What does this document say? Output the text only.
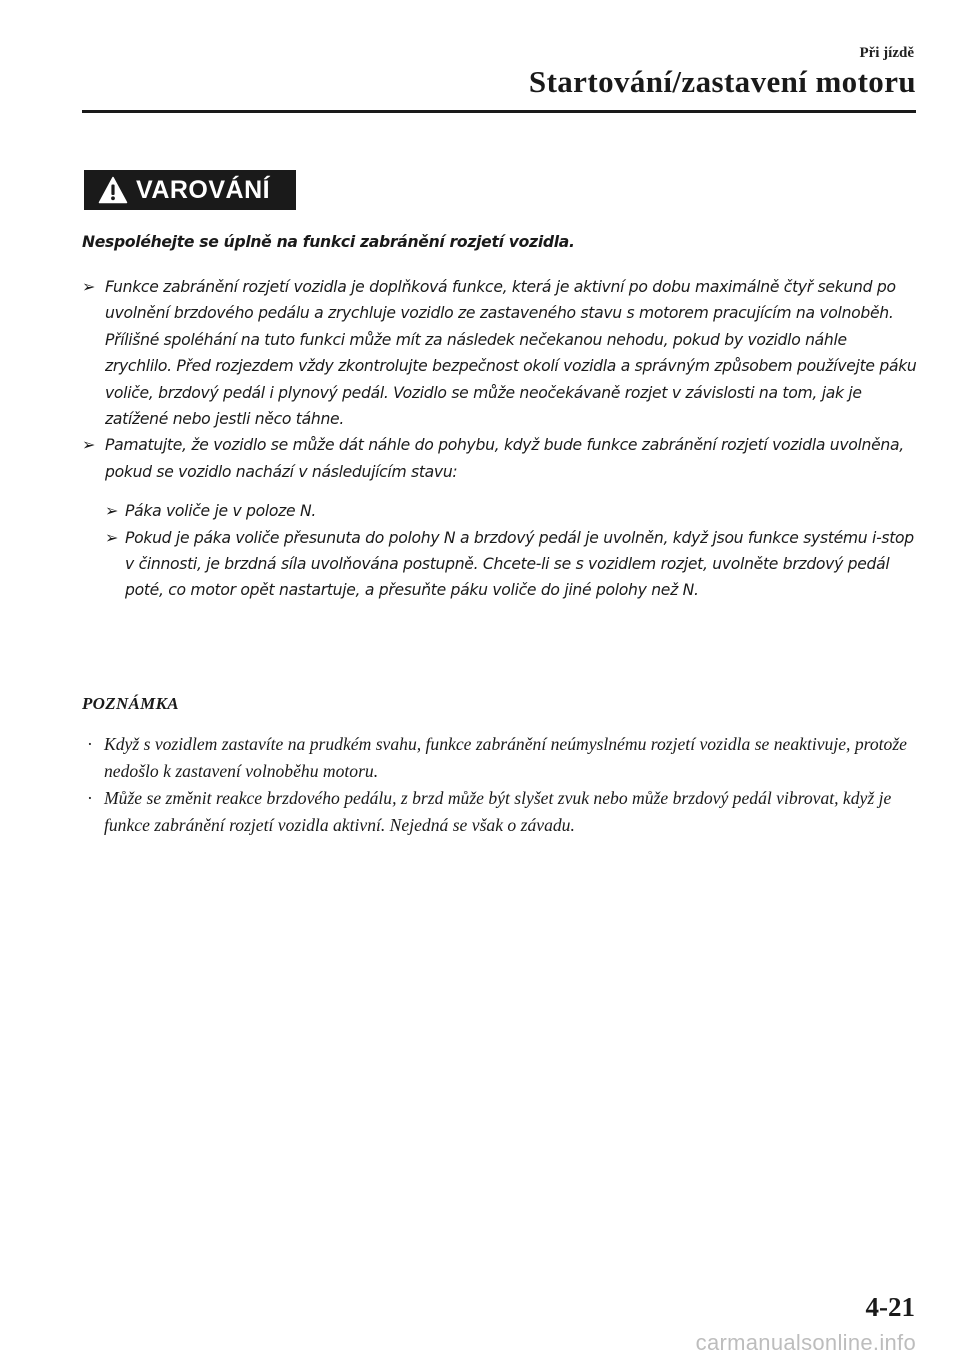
Při jízdě
Startování/zastavení motoru
VAROVÁNÍ
Nespoléhejte se úplně na funkci zabránění rozjetí vozidla.
➢ Funkce zabránění rozjetí vozidla je doplňková funkce, která je aktivní po dobu maximálně čtyř sekund po uvolnění brzdového pedálu a zrychluje vozidlo ze zastaveného stavu s motorem pracujícím na volnoběh. Přílišné spoléhání na tuto funkci může mít za následek nečekanou nehodu, pokud by vozidlo náhle zrychlilo. Před rozjezdem vždy zkontrolujte bezpečnost okolí vozidla a správným způsobem používejte páku voliče, brzdový pedál i plynový pedál. Vozidlo se může neočekávaně rozjet v závislosti na tom, jak je zatížené nebo jestli něco táhne.
➢ Pamatujte, že vozidlo se může dát náhle do pohybu, když bude funkce zabránění rozjetí vozidla uvolněna, pokud se vozidlo nachází v následujícím stavu:
➢ Páka voliče je v poloze N.
➢ Pokud je páka voliče přesunuta do polohy N a brzdový pedál je uvolněn, když jsou funkce systému i-stop v činnosti, je brzdná síla uvolňována postupně. Chcete-li se s vozidlem rozjet, uvolněte brzdový pedál poté, co motor opět nastartuje, a přesuňte páku voliče do jiné polohy než N.
POZNÁMKA
· Když s vozidlem zastavíte na prudkém svahu, funkce zabránění neúmyslnému rozjetí vozidla se neaktivuje, protože nedošlo k zastavení volnoběhu motoru.
· Může se změnit reakce brzdového pedálu, z brzd může být slyšet zvuk nebo může brzdový pedál vibrovat, když je funkce zabránění rozjetí vozidla aktivní. Nejedná se však o závadu.
4-21
carmanualsonline.info
